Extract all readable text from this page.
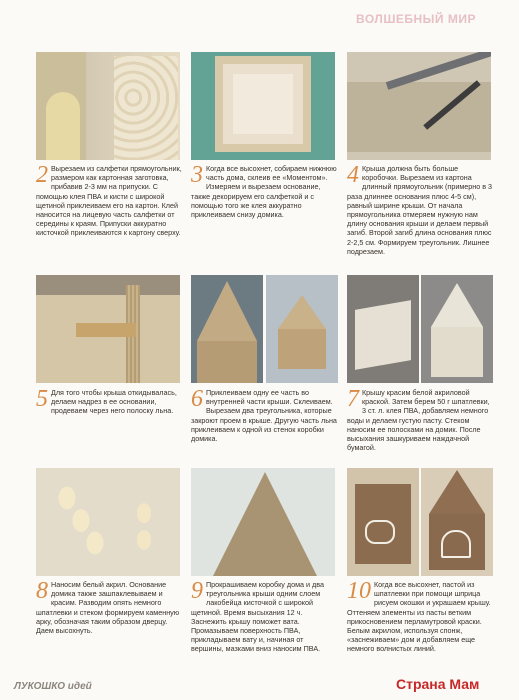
ВОЛШЕБНЫЙ МИР
2 Вырезаем из салфетки прямоугольник, размером как картонная заготовка, прибавив 2-3 мм на припуски. С помощью клея ПВА и кисти с широкой щетиной приклеиваем его на картон. Клей наносится на лицевую часть салфетки от середины к краям. Припуски аккуратно кисточкой приклеиваются к картону сверху.
3 Когда все высохнет, собираем нижнюю часть дома, склеив ее «Моментом». Измеряем и вырезаем основание, также декорируем его салфеткой и с помощью того же клея аккуратно приклеиваем снизу домика.
4 Крыша должна быть больше коробочки. Вырезаем из картона длинный прямоугольник (примерно в 3 раза длиннее основания плюс 4-5 см), равный ширине крыши. От начала прямоугольника отмеряем нужную нам длину основания крыши и делаем первый загиб. Второй загиб длина основания плюс 2-2,5 см. Формируем треугольник. Лишнее подрезаем.
5 Для того чтобы крыша откидывалась, делаем надрез в ее основании, продеваем через него полоску льна. 6 Приклеиваем одну ее часть во внутренней части крыши. Склеиваем. Вырезаем два треугольника, которые закроют проем в крыше. Другую часть льна приклеиваем к одной из стенок коробки домика.
7 Крышу красим белой акриловой краской. Затем берем 50 г шпатлевки, 3 ст. л. клея ПВА, добавляем немного воды и делаем густую пасту. Стеком наносим ее полосками на домик. После высыхания зашкуриваем наждачной бумагой.
8 Наносим белый акрил. Основание домика также зашпаклевываем и красим. Разводим опять немного шпатлевки и стеком формируем каменную арку, обозначая таким образом дверцу. Даем высохнуть.
9 Прокрашиваем коробку дома и два треугольника крыши одним слоем лакобейца кисточкой с широкой щетиной. Время высыхания 12 ч. Заснежить крышу поможет вата. Промазываем поверхность ПВА, прикладываем вату и, начиная от вершины, мазками вниз наносим ПВА.
10 Когда все высохнет, пастой из шпатлевки при помощи шприца рисуем окошки и украшаем крышу. Оттеняем элементы из пасты ветким прикосновением перламутровой краски. Белым акрилом, используя спонж, «заснеживаем» дом и добавляем еще немного волнистых линий.
ЛУКОШКО идей	Страна Мам
